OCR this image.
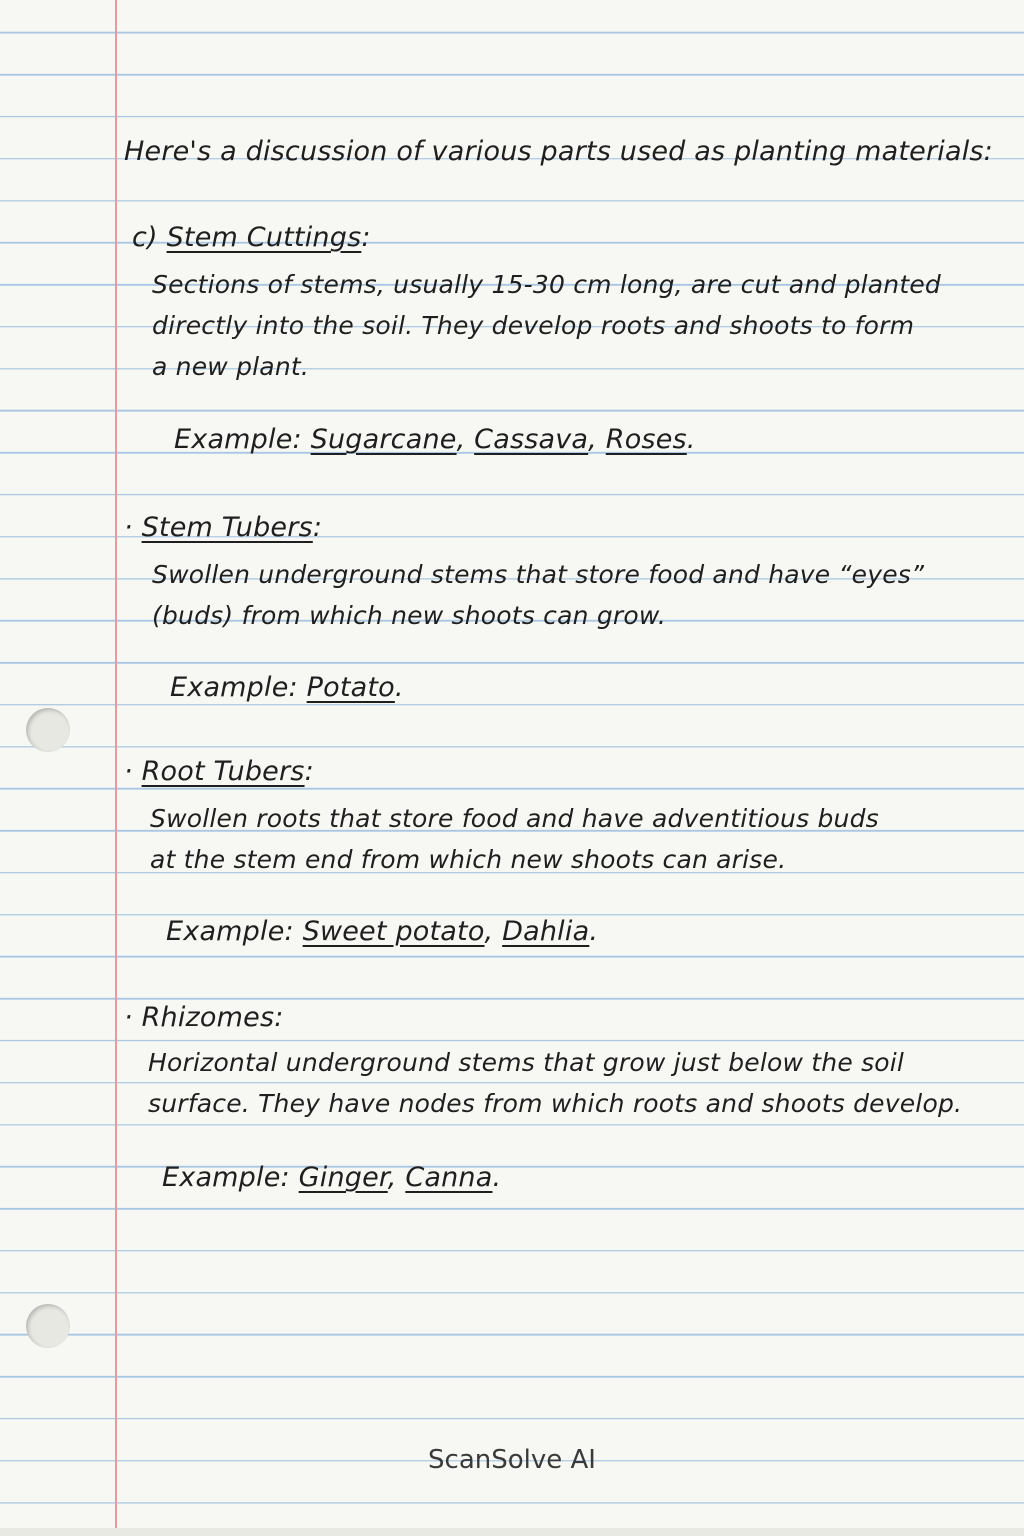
Here's a discussion of various parts used as planting materials:

c) Stem Cuttings:

Sections of stems, usually 15-30 cm long, are cut and planted
directly into the soil. They develop roots and shoots to form
a new plant.

Example: Sugarcane, Cassava, Roses.

· Stem Tubers:

Swollen underground stems that store food and have “eyes”
(buds) from which new shoots can grow.

Example: Potato.

· Root Tubers:

Swollen roots that store food and have adventitious buds
at the stem end from which new shoots can arise.

Example: Sweet potato, Dahlia.

· Rhizomes:

Horizontal underground stems that grow just below the soil
surface. They have nodes from which roots and shoots develop.

Example: Ginger, Canna.

ScanSolve AI
